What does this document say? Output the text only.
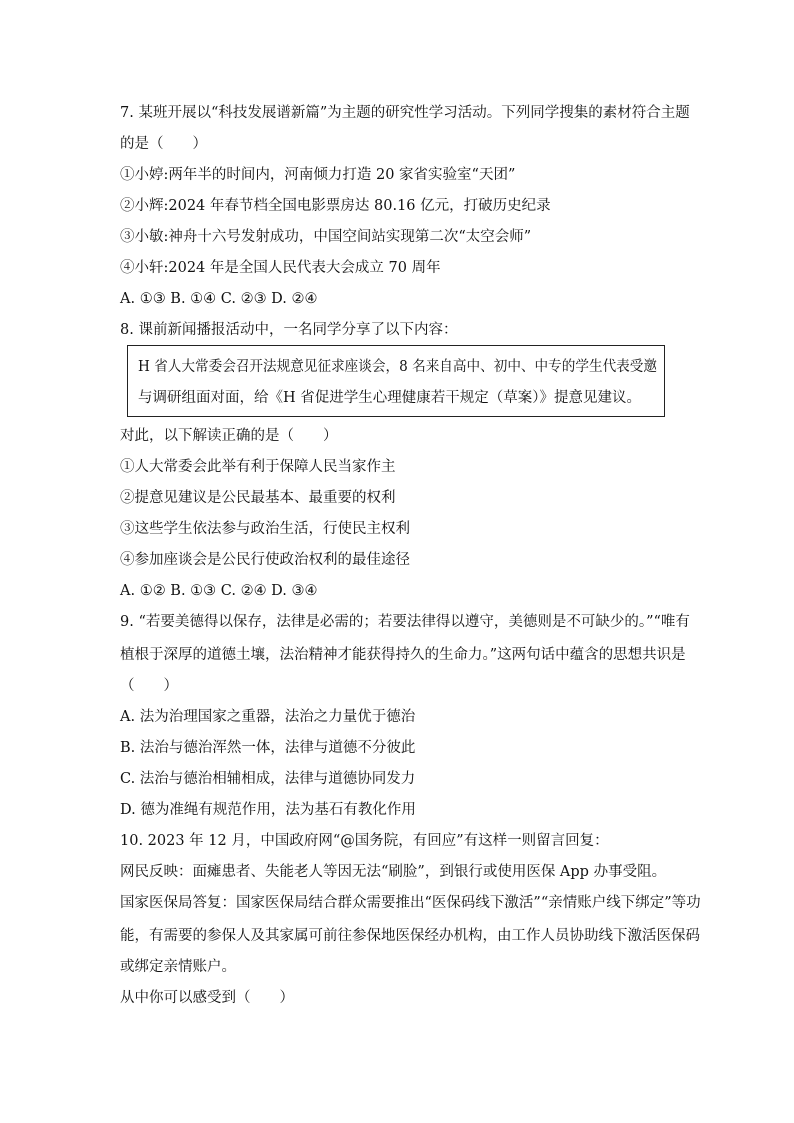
7. 某班开展以“科技发展谱新篇”为主题的研究性学习活动。下列同学搜集的素材符合主题
的是（　　）
①小婷:两年半的时间内，河南倾力打造 20 家省实验室“天团”
②小辉:2024 年春节档全国电影票房达 80.16 亿元，打破历史纪录
③小敏:神舟十六号发射成功，中国空间站实现第二次“太空会师”
④小轩:2024 年是全国人民代表大会成立 70 周年
A. ①③ B. ①④ C. ②③ D. ②④
8. 课前新闻播报活动中，一名同学分享了以下内容：
H 省人大常委会召开法规意见征求座谈会，8 名来自高中、初中、中专的学生代表受邀
与调研组面对面，给《H 省促进学生心理健康若干规定（草案）》提意见建议。
对此，以下解读正确的是（　　）
①人大常委会此举有利于保障人民当家作主
②提意见建议是公民最基本、最重要的权利
③这些学生依法参与政治生活，行使民主权利
④参加座谈会是公民行使政治权利的最佳途径
A. ①② B. ①③ C. ②④ D. ③④
9. “若要美德得以保存，法律是必需的；若要法律得以遵守，美德则是不可缺少的。”“唯有
植根于深厚的道德土壤，法治精神才能获得持久的生命力。”这两句话中蕴含的思想共识是
（　　）
A. 法为治理国家之重器，法治之力量优于德治
B. 法治与德治浑然一体，法律与道德不分彼此
C. 法治与德治相辅相成，法律与道德协同发力
D. 德为准绳有规范作用，法为基石有教化作用
10. 2023 年 12 月，中国政府网“@国务院，有回应”有这样一则留言回复：
网民反映：面瘫患者、失能老人等因无法“刷脸”，到银行或使用医保 App 办事受阻。
国家医保局答复：国家医保局结合群众需要推出“医保码线下激活”“亲情账户线下绑定”等功
能，有需要的参保人及其家属可前往参保地医保经办机构，由工作人员协助线下激活医保码
或绑定亲情账户。
从中你可以感受到（　　）
